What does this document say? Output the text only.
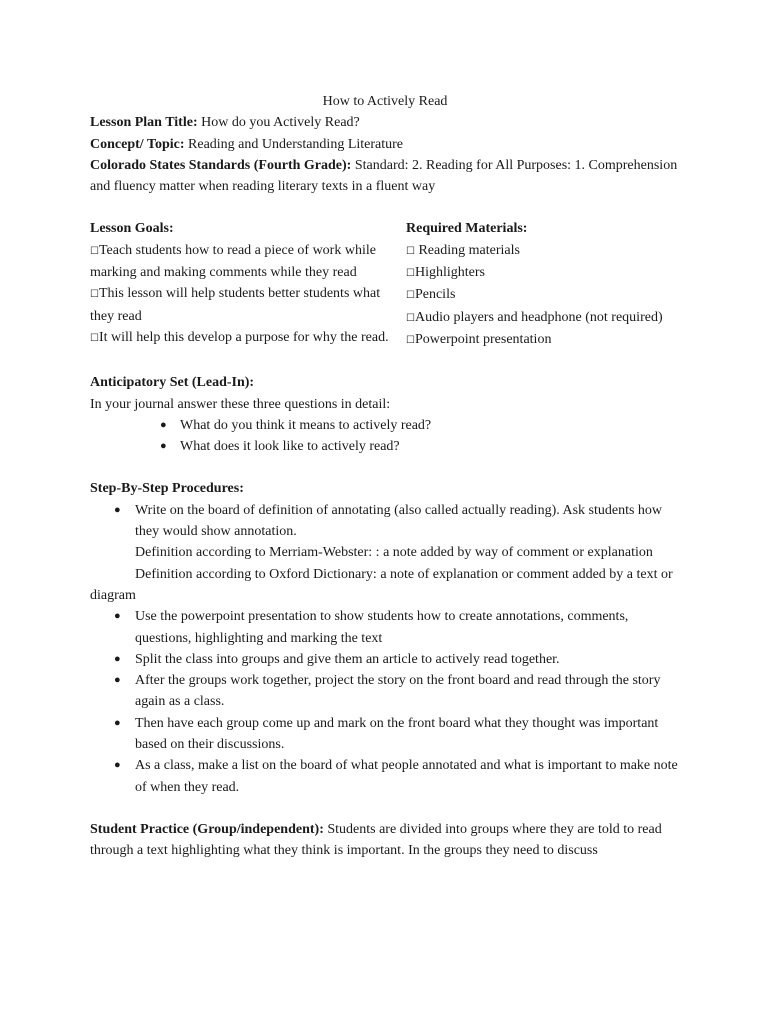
How to Actively Read

Lesson Plan Title: How do you Actively Read?

Concept/ Topic: Reading and Understanding Literature

Colorado States Standards (Fourth Grade): Standard: 2. Reading for All Purposes: 1. Comprehension and fluency matter when reading literary texts in a fluent way

Lesson Goals:

☐Teach students how to read a piece of work while marking and making comments while they read

☐This lesson will help students better students what they read

☐It will help this develop a purpose for why the read.

Required Materials:

☐ Reading materials

☐Highlighters

☐Pencils

☐Audio players and headphone (not required)

☐Powerpoint presentation

Anticipatory Set (Lead-In):

In your journal answer these three questions in detail:

● What do you think it means to actively read?
● What does it look like to actively read?

Step-By-Step Procedures:

● Write on the board of definition of annotating (also called actually reading). Ask students how they would show annotation.

Definition according to Merriam-Webster: : a note added by way of comment or explanation

Definition according to Oxford Dictionary: a note of explanation or comment added by a text or diagram

● Use the powerpoint presentation to show students how to create annotations, comments, questions, highlighting and marking the text
● Split the class into groups and give them an article to actively read together.
● After the groups work together, project the story on the front board and read through the story again as a class.
● Then have each group come up and mark on the front board what they thought was important based on their discussions.
● As a class, make a list on the board of what people annotated and what is important to make note of when they read.

Student Practice (Group/independent): Students are divided into groups where they are told to read through a text highlighting what they think is important. In the groups they need to discuss
